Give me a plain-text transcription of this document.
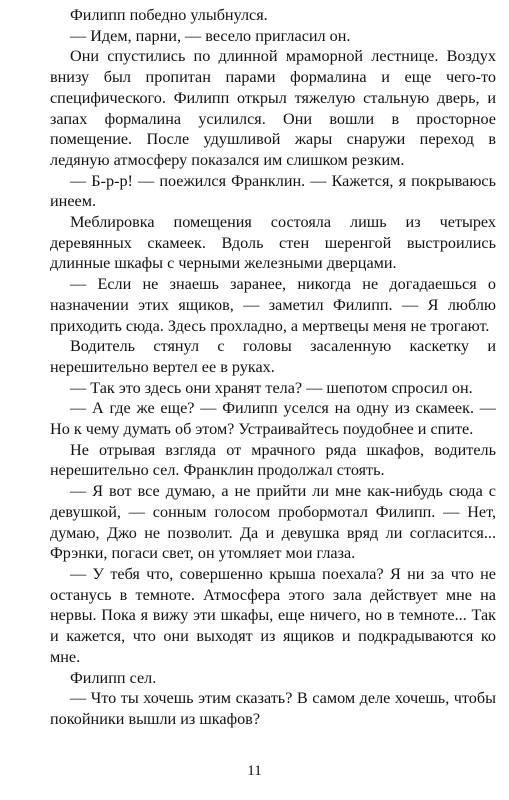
Филипп победно улыбнулся.

— Идем, парни, — весело пригласил он.

Они спустились по длинной мраморной лестнице. Воздух внизу был пропитан парами формалина и еще чего-то специфического. Филипп открыл тяжелую стальную дверь, и запах формалина усилился. Они вошли в просторное помещение. После удушливой жары снаружи переход в ледяную атмосферу показался им слишком резким.

— Б-р-р! — поежился Франклин. — Кажется, я покрываюсь инеем.

Меблировка помещения состояла лишь из четырех деревянных скамеек. Вдоль стен шеренгой выстроились длинные шкафы с черными железными дверцами.

— Если не знаешь заранее, никогда не догадаешься о назначении этих ящиков, — заметил Филипп. — Я люблю приходить сюда. Здесь прохладно, а мертвецы меня не трогают.

Водитель стянул с головы засаленную каскетку и нерешительно вертел ее в руках.

— Так это здесь они хранят тела? — шепотом спросил он.

— А где же еще? — Филипп уселся на одну из скамеек. — Но к чему думать об этом? Устраивайтесь поудобнее и спите.

Не отрывая взгляда от мрачного ряда шкафов, водитель нерешительно сел. Франклин продолжал стоять.

— Я вот все думаю, а не прийти ли мне как-нибудь сюда с девушкой, — сонным голосом пробормотал Филипп. — Нет, думаю, Джо не позволит. Да и девушка вряд ли согласится... Фрэнки, погаси свет, он утомляет мои глаза.

— У тебя что, совершенно крыша поехала? Я ни за что не останусь в темноте. Атмосфера этого зала действует мне на нервы. Пока я вижу эти шкафы, еще ничего, но в темноте... Так и кажется, что они выходят из ящиков и подкрадываются ко мне.

Филипп сел.

— Что ты хочешь этим сказать? В самом деле хочешь, чтобы покойники вышли из шкафов?

11
